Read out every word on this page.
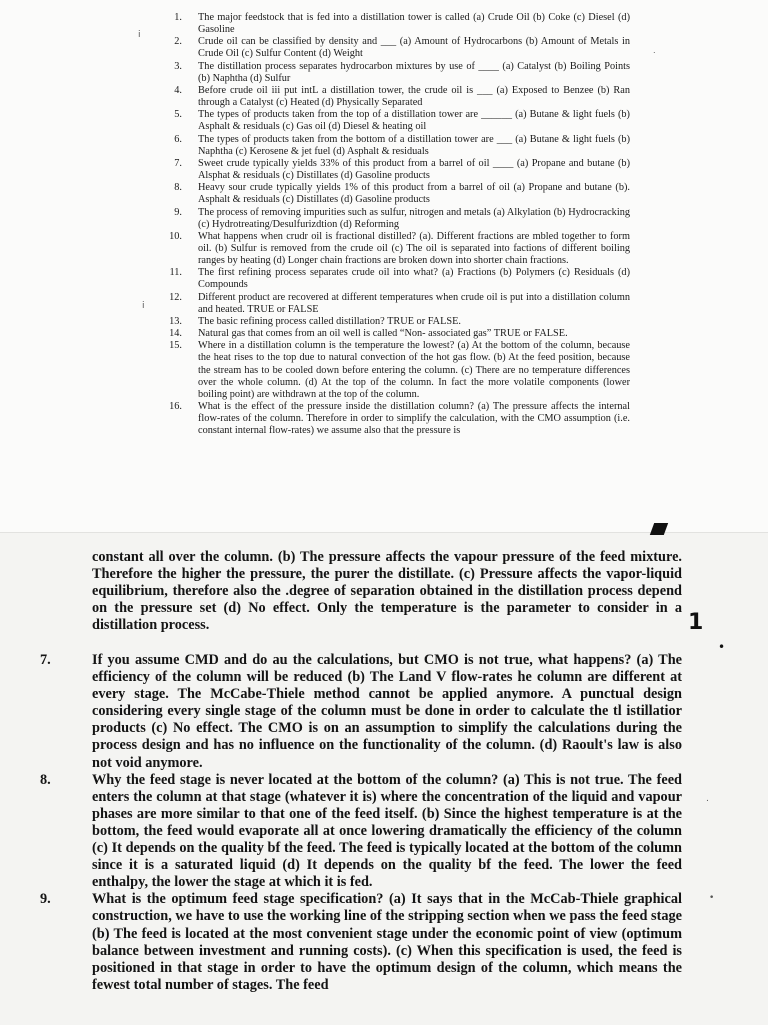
1. The major feedstock that is fed into a distillation tower is called (a) Crude Oil (b) Coke (c) Diesel (d) Gasoline
2. Crude oil can be classified by density and ___ (a) Amount of Hydrocarbons (b) Amount of Metals in Crude Oil (c) Sulfur Content (d) Weight
3. The distillation process separates hydrocarbon mixtures by use of ____ (a) Catalyst (b) Boiling Points (b) Naphtha (d) Sulfur
4. Before crude oil iii put intL a distillation tower, the crude oil is ___ (a) Exposed to Benzee (b) Ran through a Catalyst (c) Heated (d) Physically Separated
5. The types of products taken from the top of a distillation tower are ______ (a) Butane & light fuels (b) Asphalt & residuals (c) Gas oil (d) Diesel & heating oil
6. The types of products taken from the bottom of a distillation tower are ___ (a) Butane & light fuels (b) Naphtha (c) Kerosene & jet fuel (d) Asphalt & residuals
7. Sweet crude typically yields 33% of this product from a barrel of oil ____ (a) Propane and butane (b) Alsphat & residuals (c) Distillates (d) Gasoline products
8. Heavy sour crude typically yields 1% of this product from a barrel of oil (a) Propane and butane (b). Asphalt & residuals (c) Distillates (d) Gasoline products
9. The process of removing impurities such as sulfur, nitrogen and metals (a) Alkylation (b) Hydrocracking (c) Hydrotreating/Desulfurizdtion (d) Reforming
10. What happens when crudr oil is fractional distilled? (a). Different fractions are mbled together to form oil. (b) Sulfur is removed from the crude oil (c) The oil is separated into factions of different boiling ranges by heating (d) Longer chain fractions are broken down into shorter chain fractions.
11. The first refining process separates crude oil into what? (a) Fractions (b) Polymers (c) Residuals (d) Compounds
12. Different product are recovered at different temperatures when crude oil is put into a distillation column and heated. TRUE or FALSE
13. The basic refining process called distillation? TRUE or FALSE.
14. Natural gas that comes from an oil well is called “Non- associated gas” TRUE or FALSE.
15. Where in a distillation column is the temperature the lowest? (a) At the bottom of the column, because the heat rises to the top due to natural convection of the hot gas flow. (b) At the feed position, because the stream has to be cooled down before entering the column. (c) There are no temperature differences over the whole column. (d) At the top of the column. In fact the more volatile components (lower boiling point) are withdrawn at the top of the column.
16. What is the effect of the pressure inside the distillation column? (a) The pressure affects the internal flow-rates of the column. Therefore in order to simplify the calculation, with the CMO assumption (i.e. constant internal flow-rates) we assume also that the pressure is
constant all over the column. (b) The pressure affects the vapour pressure of the feed mixture. Therefore the higher the pressure, the purer the distillate. (c) Pressure affects the vapor-liquid equilibrium, therefore also the .degree of separation obtained in the distillation process depend on the pressure set (d) No effect. Only the temperature is the parameter to consider in a distillation process.
7.	If you assume CMD and do au the calculations, but CMO is not true, what happens? (a) The efficiency of the column will be reduced (b) The Land V flow-rates he column are different at every stage. The McCabe-Thiele method cannot be applied anymore. A punctual design considering every single stage of the column must be done in order to calculate the tl istillatior products (c) No effect. The CMO is on an assumption to simplify the calculations during the process design and has no influence on the functionality of the column. (d) Raoult's law is also not void anymore.
8.	Why the feed stage is never located at the bottom of the column? (a) This is not true. The feed enters the column at that stage (whatever it is) where the concentration of the liquid and vapour phases are more similar to that one of the feed itself. (b) Since the highest temperature is at the bottom, the feed would evaporate all at once lowering dramatically the efficiency of the column (c) It depends on the quality bf the feed. The feed is typically located at the bottom of the column since it is a saturated liquid (d) It depends on the quality bf the feed. The lower the feed enthalpy, the lower the stage at which it is fed.
9.	What is the optimum feed stage specification? (a) It says that in the McCab-Thiele graphical construction, we have to use the working line of the stripping section when we pass the feed stage (b) The feed is located at the most convenient stage under the economic point of view (optimum balance between investment and running costs). (c) When this specification is used, the feed is positioned in that stage in order to have the optimum design of the column, which means the fewest total number of stages. The feed
i
.
i
1
•
.
•
